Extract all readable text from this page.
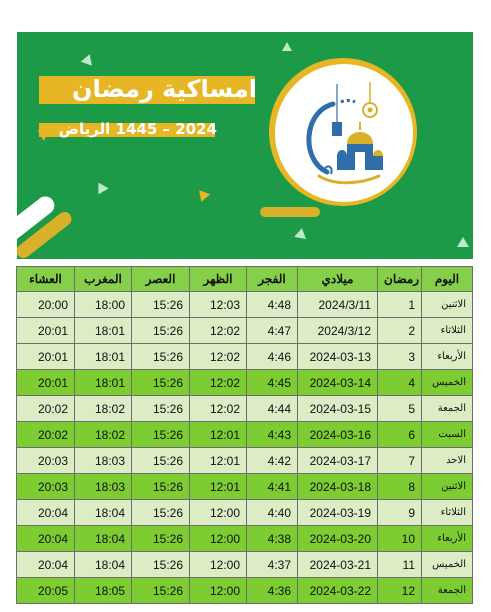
امساكية رمضان
2024 – 1445 الرياض
العشاء	المغرب	العصر	الظهر	الفجر	ميلادي	رمضان	اليوم
20:00	18:00	15:26	12:03	4:48	2024/3/11	1	الاثنين
20:01	18:01	15:26	12:02	4:47	2024/3/12	2	الثلاثاء
20:01	18:01	15:26	12:02	4:46	2024-03-13	3	الأربعاء
20:01	18:01	15:26	12:02	4:45	2024-03-14	4	الخميس
20:02	18:02	15:26	12:02	4:44	2024-03-15	5	الجمعة
20:02	18:02	15:26	12:01	4:43	2024-03-16	6	السبت
20:03	18:03	15:26	12:01	4:42	2024-03-17	7	الاحد
20:03	18:03	15:26	12:01	4:41	2024-03-18	8	الاثنين
20:04	18:04	15:26	12:00	4:40	2024-03-19	9	الثلاثاء
20:04	18:04	15:26	12:00	4:38	2024-03-20	10	الأربعاء
20:04	18:04	15:26	12:00	4:37	2024-03-21	11	الخميس
20:05	18:05	15:26	12:00	4:36	2024-03-22	12	الجمعة
